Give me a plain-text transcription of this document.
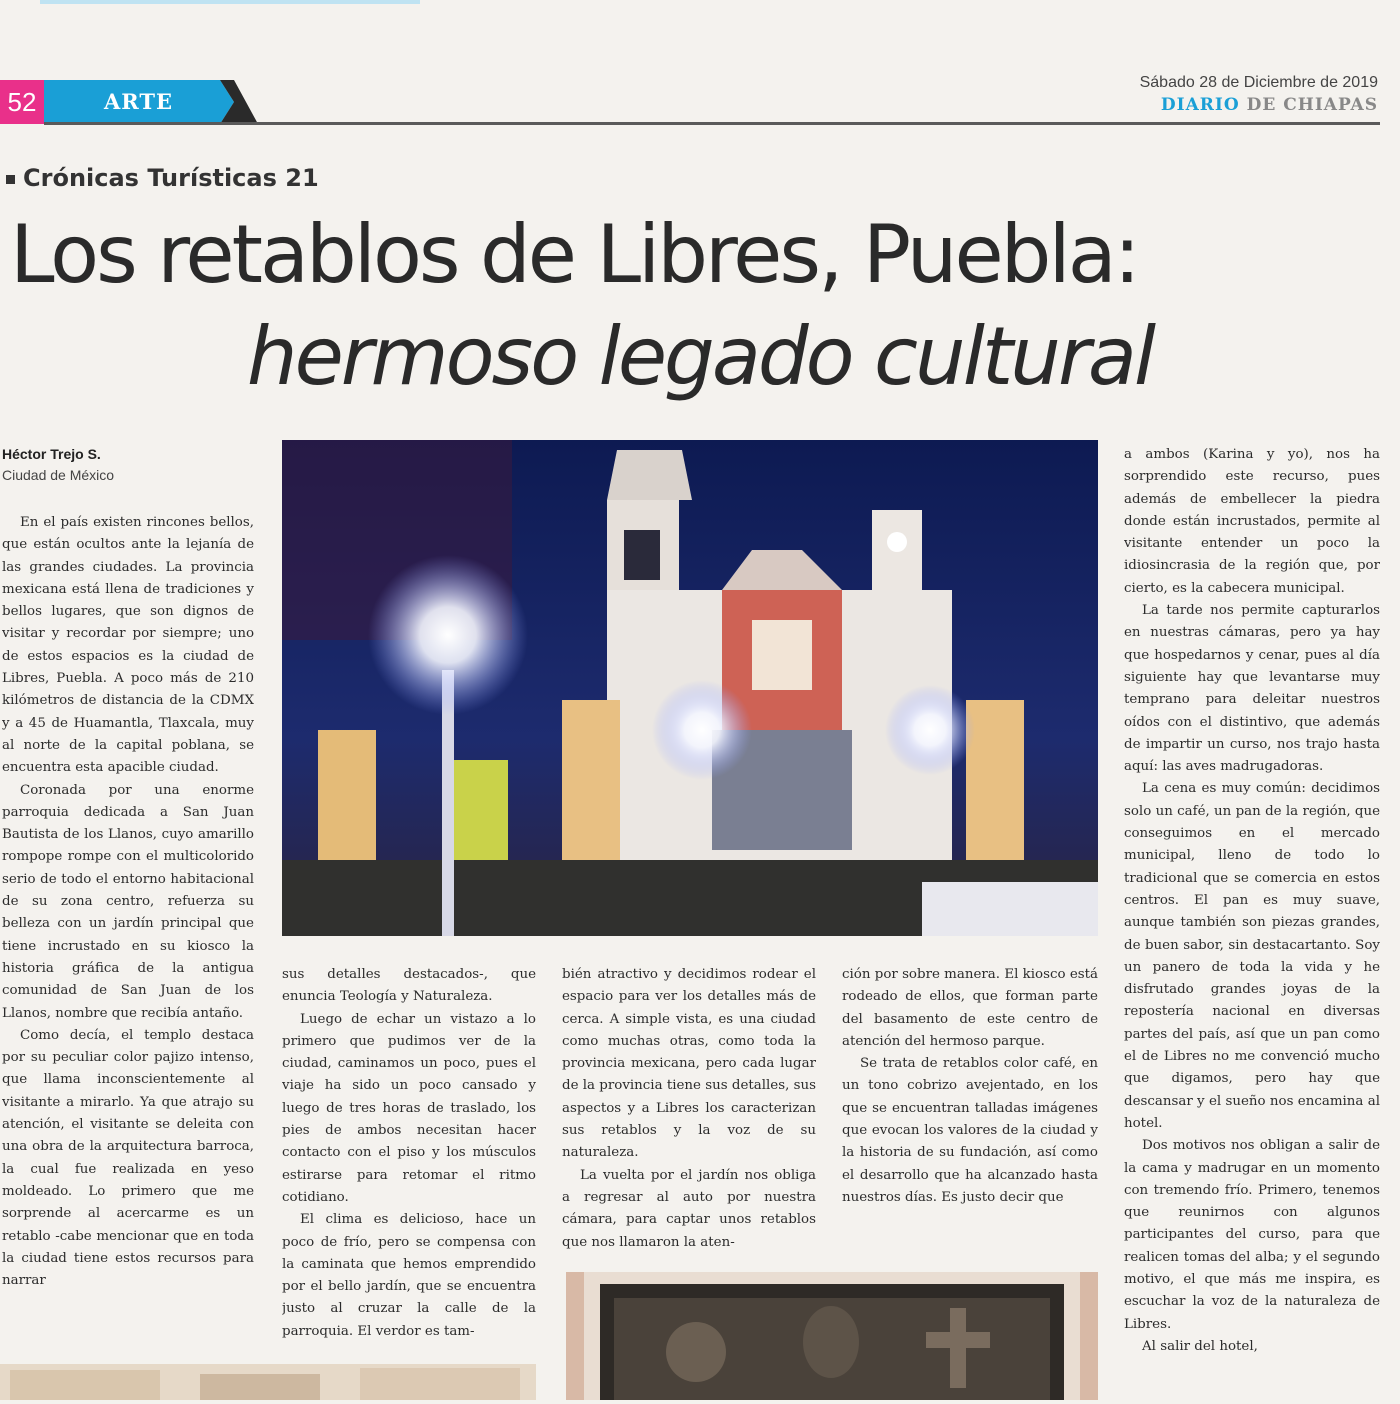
52	ARTE
Sábado 28 de Diciembre de 2019
DIARIO DE CHIAPAS
Crónicas Turísticas 21
Los retablos de Libres, Puebla:
hermoso legado cultural
Héctor Trejo S.
Ciudad de México

En el país existen rincones bellos, que están ocultos ante la lejanía de las grandes ciudades. La provincia mexicana está llena de tradiciones y bellos lugares, que son dignos de visitar y recordar por siempre; uno de estos espacios es la ciudad de Libres, Puebla. A poco más de 210 kilómetros de distancia de la CDMX y a 45 de Huamantla, Tlaxcala, muy al norte de la capital poblana, se encuentra esta apacible ciudad.

Coronada por una enorme parroquia dedicada a San Juan Bautista de los Llanos, cuyo amarillo rompope rompe con el multicolorido serio de todo el entorno habitacional de su zona centro, refuerza su belleza con un jardín principal que tiene incrustado en su kiosco la historia gráfica de la antigua comunidad de San Juan de los Llanos, nombre que recibía antaño.

Como decía, el templo destaca por su peculiar color pajizo intenso, que llama inconscientemente al visitante a mirarlo. Ya que atrajo su atención, el visitante se deleita con una obra de la arquitectura barroca, la cual fue realizada en yeso moldeado. Lo primero que me sorprende al acercarme es un retablo -cabe mencionar que en toda la ciudad tiene estos recursos para narrar

sus detalles destacados-, que enuncia Teología y Naturaleza.

Luego de echar un vistazo a lo primero que pudimos ver de la ciudad, caminamos un poco, pues el viaje ha sido un poco cansado y luego de tres horas de traslado, los pies de ambos necesitan hacer contacto con el piso y los músculos estirarse para retomar el ritmo cotidiano.

El clima es delicioso, hace un poco de frío, pero se compensa con la caminata que hemos emprendido por el bello jardín, que se encuentra justo al cruzar la calle de la parroquia. El verdor es tam-

bién atractivo y decidimos rodear el espacio para ver los detalles más de cerca. A simple vista, es una ciudad como muchas otras, como toda la provincia mexicana, pero cada lugar de la provincia tiene sus detalles, sus aspectos y a Libres los caracterizan sus retablos y la voz de su naturaleza.

La vuelta por el jardín nos obliga a regresar al auto por nuestra cámara, para captar unos retablos que nos llamaron la aten-

ción por sobre manera. El kiosco está rodeado de ellos, que forman parte del basamento de este centro de atención del hermoso parque.

Se trata de retablos color café, en un tono cobrizo avejentado, en los que se encuentran talladas imágenes que evocan los valores de la ciudad y la historia de su fundación, así como el desarrollo que ha alcanzado hasta nuestros días. Es justo decir que

a ambos (Karina y yo), nos ha sorprendido este recurso, pues además de embellecer la piedra donde están incrustados, permite al visitante entender un poco la idiosincrasia de la región que, por cierto, es la cabecera municipal.

La tarde nos permite capturarlos en nuestras cámaras, pero ya hay que hospedarnos y cenar, pues al día siguiente hay que levantarse muy temprano para deleitar nuestros oídos con el distintivo, que además de impartir un curso, nos trajo hasta aquí: las aves madrugadoras.

La cena es muy común: decidimos solo un café, un pan de la región, que conseguimos en el mercado municipal, lleno de todo lo tradicional que se comercia en estos centros. El pan es muy suave, aunque también son piezas grandes, de buen sabor, sin destacartanto. Soy un panero de toda la vida y he disfrutado grandes joyas de la repostería nacional en diversas partes del país, así que un pan como el de Libres no me convenció mucho que digamos, pero hay que descansar y el sueño nos encamina al hotel.

Dos motivos nos obligan a salir de la cama y madrugar en un momento con tremendo frío. Primero, tenemos que reunirnos con algunos participantes del curso, para que realicen tomas del alba; y el segundo motivo, el que más me inspira, es escuchar la voz de la naturaleza de Libres.

Al salir del hotel,
